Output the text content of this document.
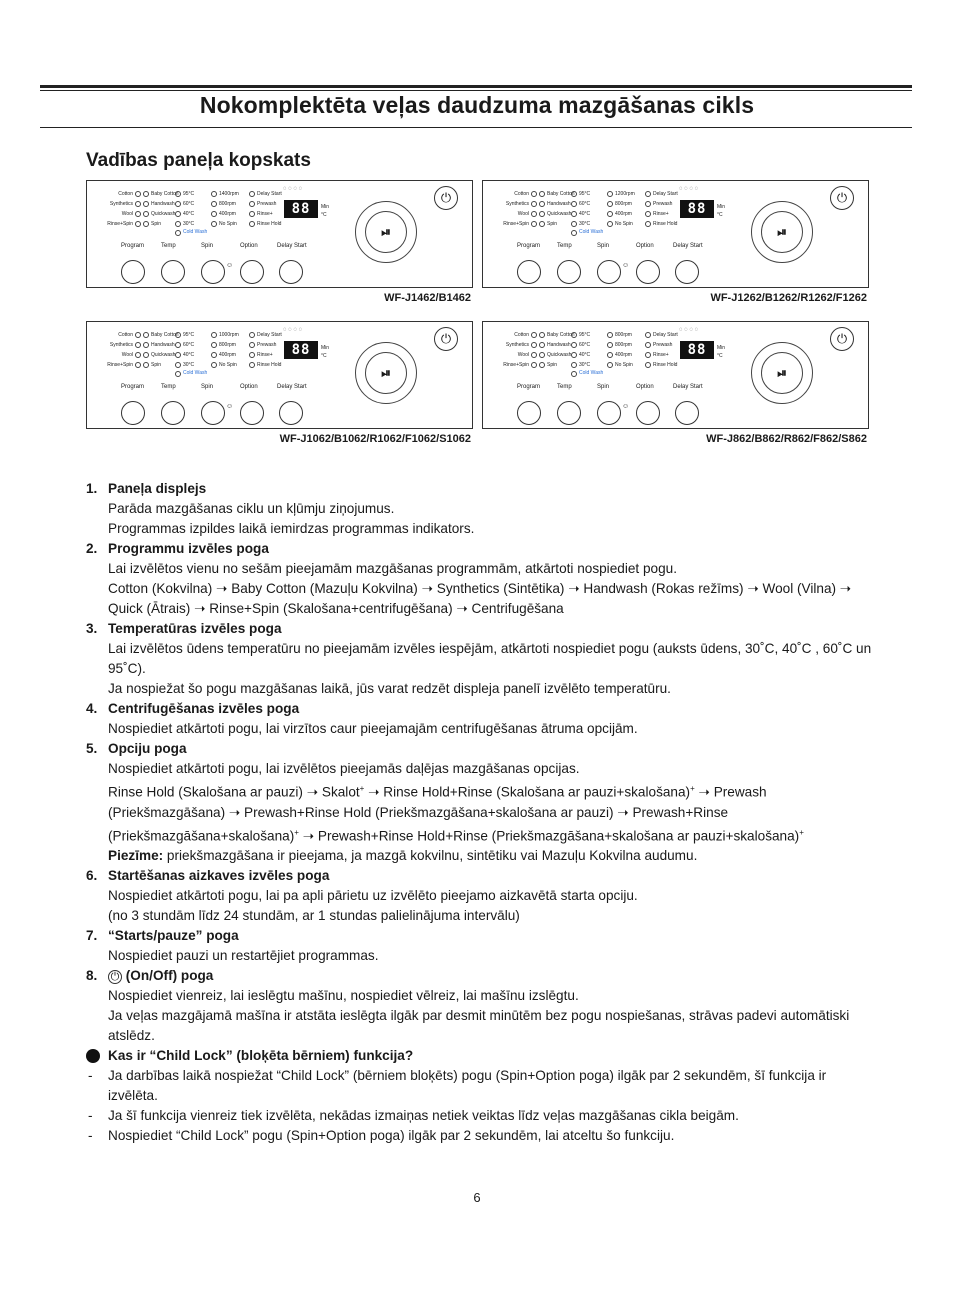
Nokomplektēta veļas daudzuma mazgāšanas cikls
Vadības paneļa kopskats
Cotton
Synthetics
Wool
Rinse+Spin
Baby Cotton
Handwash
Quickwash
Spin
95°C
60°C
40°C
30°C
Cold Wash
1400rpm
800rpm
400rpm
No Spin
Delay Start
Prewash
Rinse+
Rinse Hold
◌ ◌ ◌ ◌
88	Min
°C
Program	Temp	Spin	Option	Delay Start
☺
⏻
⏯
WF-J1462/B1462
Cotton
Synthetics
Wool
Rinse+Spin
Baby Cotton
Handwash
Quickwash
Spin
95°C
60°C
40°C
30°C
Cold Wash
1200rpm
800rpm
400rpm
No Spin
Delay Start
Prewash
Rinse+
Rinse Hold
◌ ◌ ◌ ◌
88	Min
°C
Program	Temp	Spin	Option	Delay Start
☺
⏻
⏯
WF-J1262/B1262/R1262/F1262
Cotton
Synthetics
Wool
Rinse+Spin
Baby Cotton
Handwash
Quickwash
Spin
95°C
60°C
40°C
30°C
Cold Wash
1000rpm
800rpm
400rpm
No Spin
Delay Start
Prewash
Rinse+
Rinse Hold
◌ ◌ ◌ ◌
88	Min
°C
Program	Temp	Spin	Option	Delay Start
☺
⏻
⏯
WF-J1062/B1062/R1062/F1062/S1062
Cotton
Synthetics
Wool
Rinse+Spin
Baby Cotton
Handwash
Quickwash
Spin
95°C
60°C
40°C
30°C
Cold Wash
800rpm
800rpm
400rpm
No Spin
Delay Start
Prewash
Rinse+
Rinse Hold
◌ ◌ ◌ ◌
88	Min
°C
Program	Temp	Spin	Option	Delay Start
☺
⏻
⏯
WF-J862/B862/R862/F862/S862
1. Paneļa displejs

Parāda mazgāšanas ciklu un kļūmju ziņojumus.

Programmas izpildes laikā iemirdzas programmas indikators.

2. Programmu izvēles poga

Lai izvēlētos vienu no sešām pieejamām mazgāšanas programmām, atkārtoti nospiediet pogu.

Cotton (Kokvilna) ➝ Baby Cotton (Mazuļu Kokvilna) ➝ Synthetics (Sintētika) ➝ Handwash (Rokas režīms) ➝ Wool (Vilna) ➝ Quick (Ātrais) ➝ Rinse+Spin (Skalošana+centrifugēšana) ➝ Centrifugēšana

3. Temperatūras izvēles poga

Lai izvēlētos ūdens temperatūru no pieejamām izvēles iespējām, atkārtoti nospiediet pogu (auksts ūdens, 30˚C, 40˚C , 60˚C un 95˚C).

Ja nospiežat šo pogu mazgāšanas laikā, jūs varat redzēt displeja panelī izvēlēto temperatūru.

4. Centrifugēšanas izvēles poga

Nospiediet atkārtoti pogu, lai virzītos caur pieejamajām centrifugēšanas ātruma opcijām.

5. Opciju poga

Nospiediet atkārtoti pogu, lai izvēlētos pieejamās daļējas mazgāšanas opcijas.

Rinse Hold (Skalošana ar pauzi) ➝ Skalot+ ➝ Rinse Hold+Rinse (Skalošana ar pauzi+skalošana)+ ➝ Prewash (Priekšmazgāšana) ➝ Prewash+Rinse Hold (Priekšmazgāšana+skalošana ar pauzi) ➝ Prewash+Rinse (Priekšmazgāšana+skalošana)+ ➝ Prewash+Rinse Hold+Rinse (Priekšmazgāšana+skalošana ar pauzi+skalošana)+

Piezīme: priekšmazgāšana ir pieejama, ja mazgā kokvilnu, sintētiku vai Mazuļu Kokvilna audumu.

6. Startēšanas aizkaves izvēles poga

Nospiediet atkārtoti pogu, lai pa apli pārietu uz izvēlēto pieejamo aizkavētā starta opciju.

(no 3 stundām līdz 24 stundām, ar 1 stundas palielinājuma intervālu)

7. “Starts/pauze” poga

Nospiediet pauzi un restartējiet programmas.

8. ⏻ (On/Off) poga

Nospiediet vienreiz, lai ieslēgtu mašīnu, nospiediet vēlreiz, lai mašīnu izslēgtu.

Ja veļas mazgājamā mašīna ir atstāta ieslēgta ilgāk par desmit minūtēm bez pogu nospiešanas, strāvas padevi automātiski atslēdz.

Kas ir “Child Lock” (bloķēta bērniem) funkcija?
- Ja darbības laikā nospiežat “Child Lock” (bērniem bloķēts) pogu (Spin+Option poga) ilgāk par 2 sekundēm, šī funkcija ir izvēlēta.
- Ja šī funkcija vienreiz tiek izvēlēta, nekādas izmaiņas netiek veiktas līdz veļas mazgāšanas cikla beigām.
- Nospiediet “Child Lock” pogu (Spin+Option poga) ilgāk par 2 sekundēm, lai atceltu šo funkciju.
6
